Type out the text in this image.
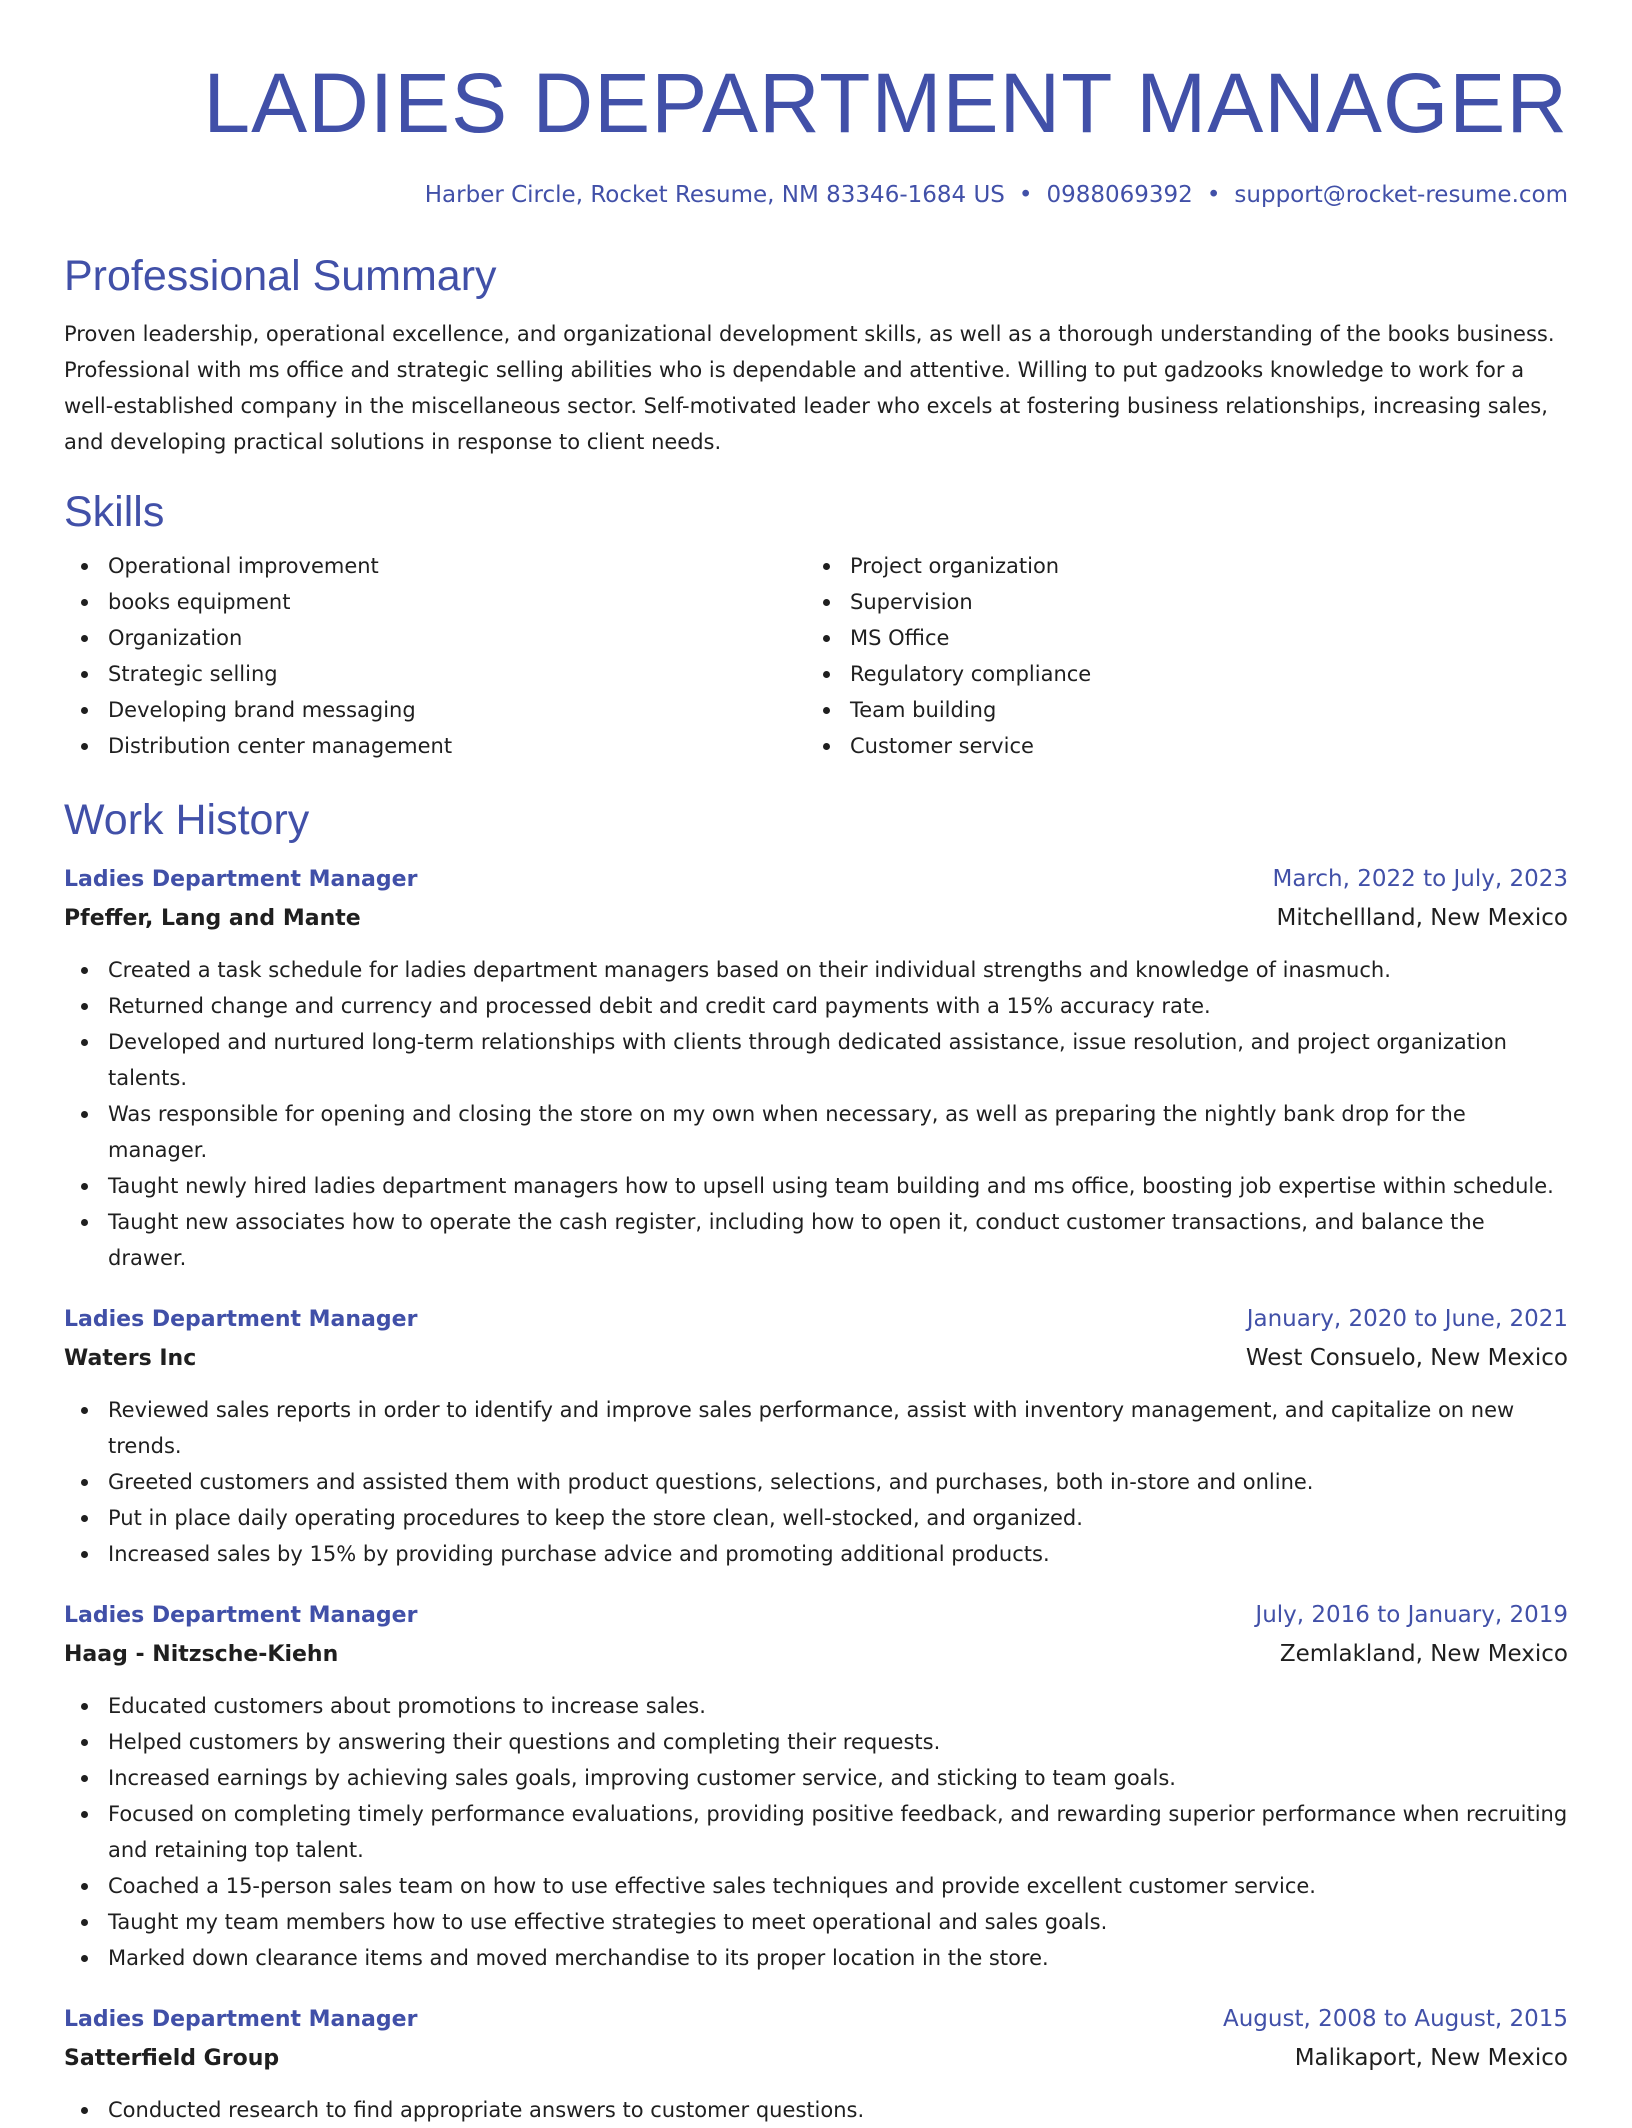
LADIES DEPARTMENT MANAGER
Harber Circle, Rocket Resume, NM 83346-1684 US • 0988069392 • support@rocket-resume.com
Professional Summary

Proven leadership, operational excellence, and organizational development skills, as well as a thorough understanding of the books business. Professional with ms office and strategic selling abilities who is dependable and attentive. Willing to put gadzooks knowledge to work for a well-established company in the miscellaneous sector. Self-motivated leader who excels at fostering business relationships, increasing sales, and developing practical solutions in response to client needs.

Skills
Operational improvement
books equipment
Organization
Strategic selling
Developing brand messaging
Distribution center management
Project organization
Supervision
MS Office
Regulatory compliance
Team building
Customer service
Work History
Ladies Department Manager	March, 2022 to July, 2023
Pfeffer, Lang and Mante	Mitchellland, New Mexico
Created a task schedule for ladies department managers based on their individual strengths and knowledge of inasmuch.
Returned change and currency and processed debit and credit card payments with a 15% accuracy rate.
Developed and nurtured long-term relationships with clients through dedicated assistance, issue resolution, and project organization talents.
Was responsible for opening and closing the store on my own when necessary, as well as preparing the nightly bank drop for the manager.
Taught newly hired ladies department managers how to upsell using team building and ms office, boosting job expertise within schedule.
Taught new associates how to operate the cash register, including how to open it, conduct customer transactions, and balance the drawer.
Ladies Department Manager	January, 2020 to June, 2021
Waters Inc	West Consuelo, New Mexico
Reviewed sales reports in order to identify and improve sales performance, assist with inventory management, and capitalize on new trends.
Greeted customers and assisted them with product questions, selections, and purchases, both in-store and online.
Put in place daily operating procedures to keep the store clean, well-stocked, and organized.
Increased sales by 15% by providing purchase advice and promoting additional products.
Ladies Department Manager	July, 2016 to January, 2019
Haag - Nitzsche-Kiehn	Zemlakland, New Mexico
Educated customers about promotions to increase sales.
Helped customers by answering their questions and completing their requests.
Increased earnings by achieving sales goals, improving customer service, and sticking to team goals.
Focused on completing timely performance evaluations, providing positive feedback, and rewarding superior performance when recruiting and retaining top talent.
Coached a 15-person sales team on how to use effective sales techniques and provide excellent customer service.
Taught my team members how to use effective strategies to meet operational and sales goals.
Marked down clearance items and moved merchandise to its proper location in the store.
Ladies Department Manager	August, 2008 to August, 2015
Satterfield Group	Malikaport, New Mexico
Conducted research to find appropriate answers to customer questions.
